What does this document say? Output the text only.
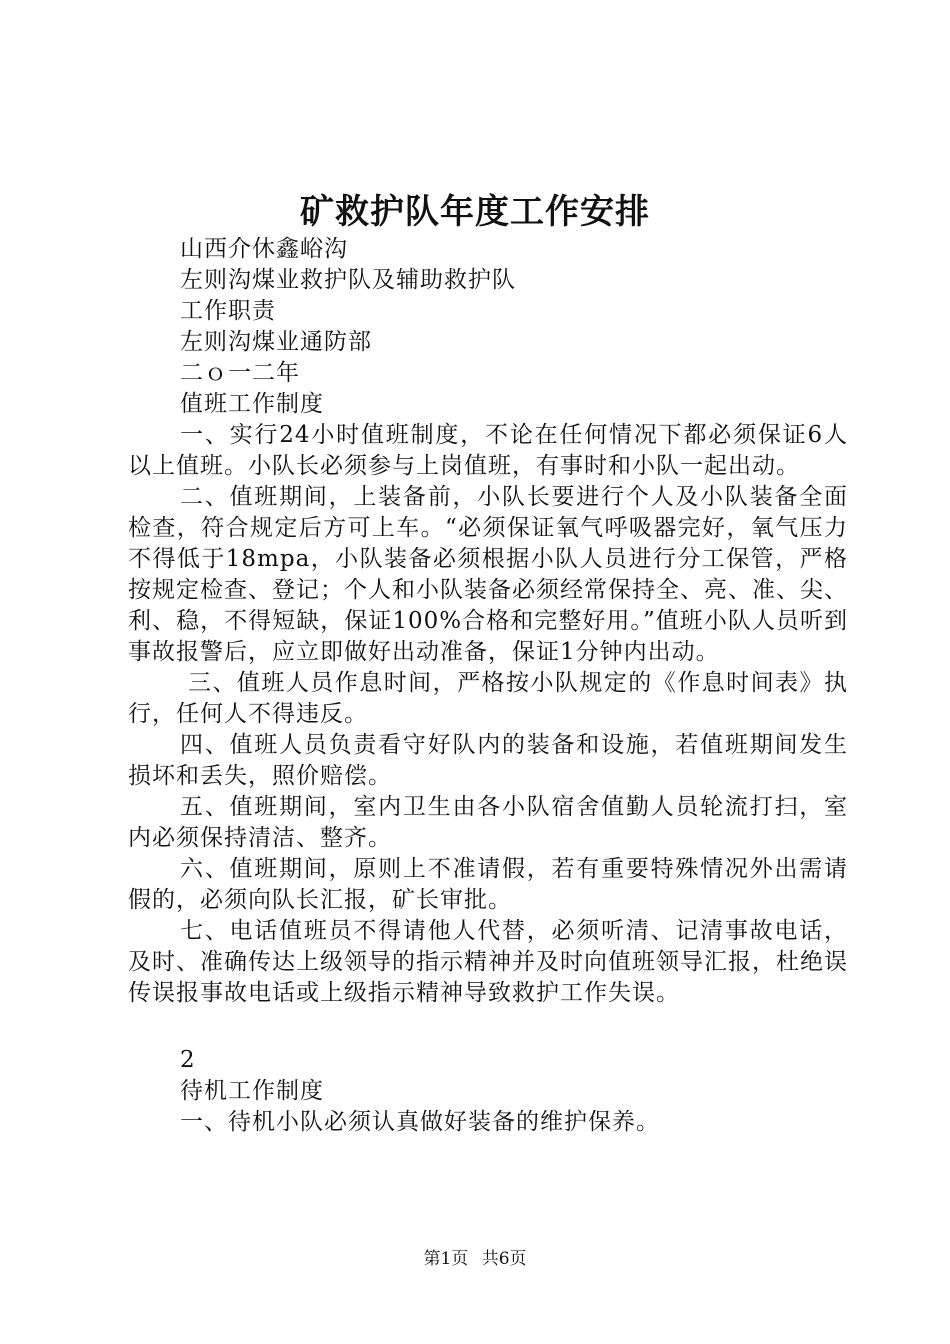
矿救护队年度工作安排
山西介休鑫峪沟
左则沟煤业救护队及辅助救护队
工作职责
左则沟煤业通防部
二ｏ一二年
值班工作制度
一、实行24小时值班制度，不论在任何情况下都必须保证6人以上值班。小队长必须参与上岗值班，有事时和小队一起出动。
二、值班期间，上装备前，小队长要进行个人及小队装备全面检查，符合规定后方可上车。“必须保证氧气呼吸器完好，氧气压力不得低于18mpa，小队装备必须根据小队人员进行分工保管，严格按规定检查、登记；个人和小队装备必须经常保持全、亮、准、尖、利、稳，不得短缺，保证100%合格和完整好用。”值班小队人员听到事故报警后，应立即做好出动准备，保证1分钟内出动。
三、值班人员作息时间，严格按小队规定的《作息时间表》执行，任何人不得违反。
四、值班人员负责看守好队内的装备和设施，若值班期间发生损坏和丢失，照价赔偿。
五、值班期间，室内卫生由各小队宿舍值勤人员轮流打扫，室内必须保持清洁、整齐。
六、值班期间，原则上不准请假，若有重要特殊情况外出需请假的，必须向队长汇报，矿长审批。
七、电话值班员不得请他人代替，必须听清、记清事故电话，及时、准确传达上级领导的指示精神并及时向值班领导汇报，杜绝误传误报事故电话或上级指示精神导致救护工作失误。
2
待机工作制度
一、待机小队必须认真做好装备的维护保养。
第1页 共6页
